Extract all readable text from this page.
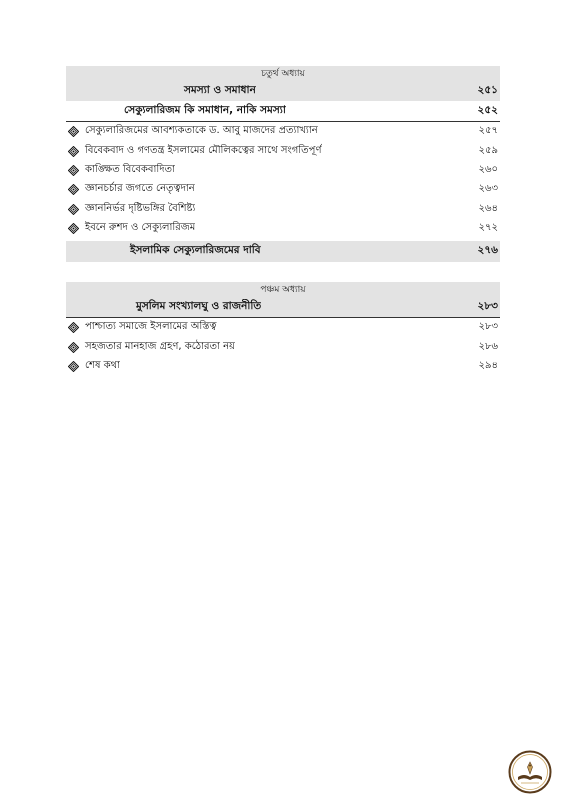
চতুর্থ অধ্যায়
সমস্যা ও সমাধান	২৫১
সেক্যুলারিজম কি সমাধান, নাকি সমস্যা	২৫২
সেক্যুলারিজমের আবশ্যকতাকে ড. আবু মাজদের প্রত্যাখ্যান	২৫৭
বিবেকবাদ ও গণতন্ত্র ইসলামের মৌলিকত্বের সাথে সংগতিপূর্ণ	২৫৯
কাঙ্ক্ষিত বিবেকবাদিতা	২৬০
জ্ঞানচর্চার জগতে নেতৃত্বদান	২৬৩
জ্ঞাননির্ভর দৃষ্টিভঙ্গির বৈশিষ্ট্য	২৬৪
ইবনে রুশদ ও সেক্যুলারিজম	২৭২
ইসলামিক সেক্যুলারিজমের দাবি	২৭৬
পঞ্চম অধ্যায়
মুসলিম সংখ্যালঘু ও রাজনীতি	২৮৩
পাশ্চাত্য সমাজে ইসলামের অস্তিত্ব	২৮৩
সহজতার মানহাজ গ্রহণ, কঠোরতা নয়	২৮৬
শেষ কথা	২৯৪
